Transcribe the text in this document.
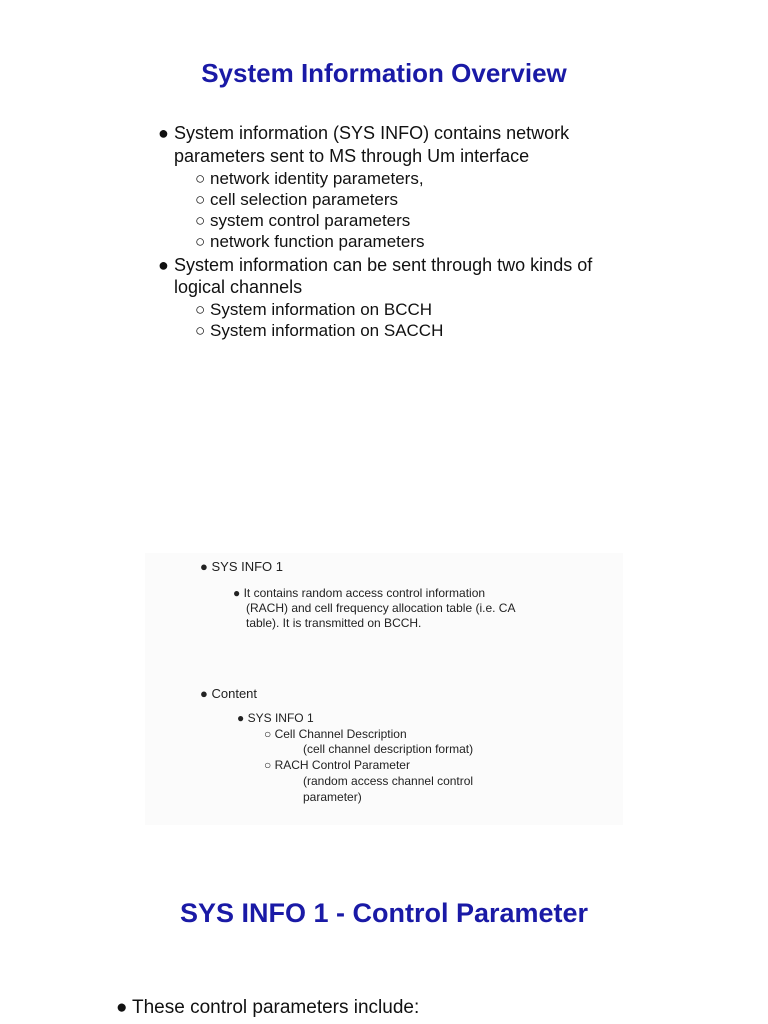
System Information Overview
● System information (SYS INFO) contains network
parameters sent to MS through Um interface
○ network identity parameters,
○ cell selection parameters
○ system control parameters
○ network function parameters
● System information can be sent through two kinds of
logical channels
○ System information on BCCH
○ System information on SACCH
● SYS INFO 1
● It contains random access control information
(RACH) and cell frequency allocation table (i.e. CA
table). It is transmitted on BCCH.
● Content
● SYS INFO 1
○ Cell Channel Description
(cell channel description format)
○ RACH Control Parameter
(random access channel control
parameter)
SYS INFO 1 - Control Parameter
● These control parameters include:
